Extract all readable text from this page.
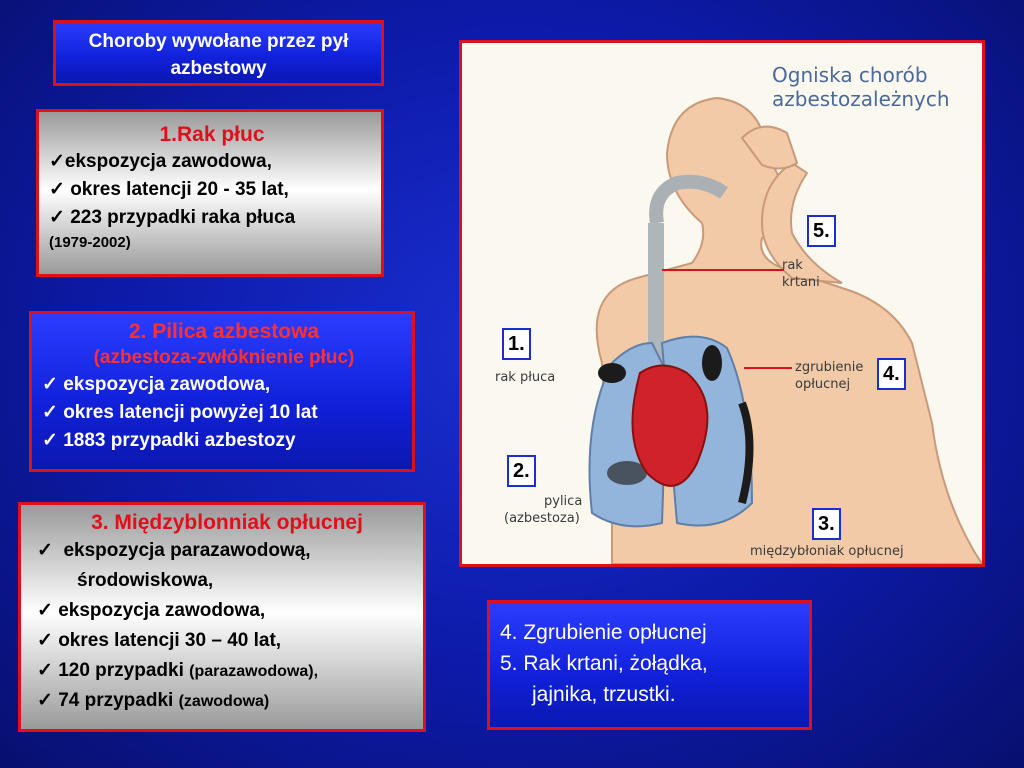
Choroby wywołane przez pył azbestowy
1.Rak płuc
✓ekspozycja zawodowa,
✓ okres latencji 20 - 35 lat,
✓ 223 przypadki raka płuca
(1979-2002)
2. Pilica azbestowa
(azbestoza-zwłóknienie płuc)
✓ ekspozycja zawodowa,
✓ okres latencji powyżej 10 lat
✓ 1883 przypadki azbestozy
3. Międzyblonniak opłucnej
✓ ekspozycja parazawodową,
środowiskowa,
✓ ekspozycja zawodowa,
✓ okres latencji 30 – 40 lat,
✓ 120 przypadki (parazawodowa),
✓ 74 przypadki (zawodowa)
4. Zgrubienie opłucnej
5. Rak krtani, żołądka,
jajnika, trzustki.
Ogniska chorób
azbestozależnych
rak
krtani
rak płuca
zgrubienie
opłucnej
pylica
(azbestoza)
międzybłoniak opłucnej
1.
2.
3.
4.
5.
